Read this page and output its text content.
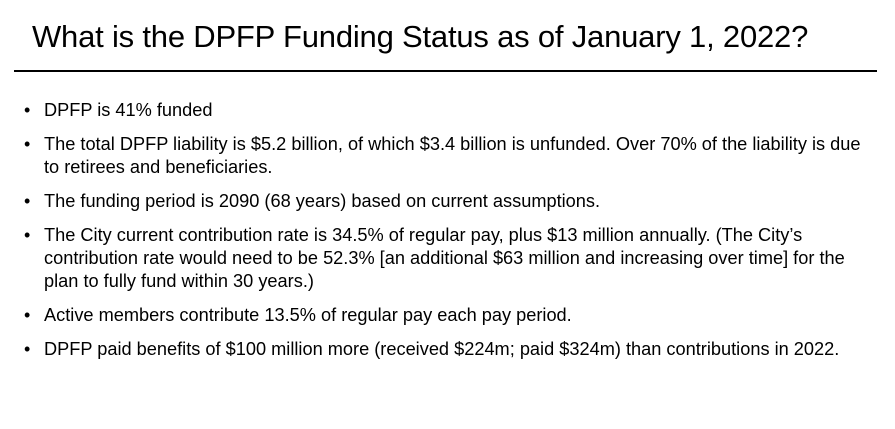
What is the DPFP Funding Status as of January 1, 2022?
• DPFP is 41% funded
• The total DPFP liability is $5.2 billion, of which $3.4 billion is unfunded. Over 70% of the liability is due to retirees and beneficiaries.
• The funding period is 2090 (68 years) based on current assumptions.
• The City current contribution rate is 34.5% of regular pay, plus $13 million annually. (The City’s contribution rate would need to be 52.3% [an additional $63 million and increasing over time] for the plan to fully fund within 30 years.)
• Active members contribute 13.5% of regular pay each pay period.
• DPFP paid benefits of $100 million more (received $224m; paid $324m) than contributions in 2022.
